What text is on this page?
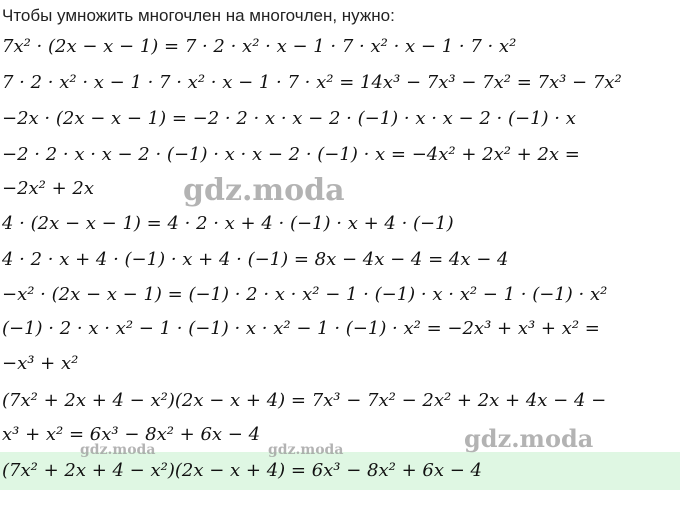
Чтобы умножить многочлен на многочлен, нужно:
7x² · (2x − x − 1) = 7 · 2 · x² · x − 1 · 7 · x² · x − 1 · 7 · x²
7 · 2 · x² · x − 1 · 7 · x² · x − 1 · 7 · x² = 14x³ − 7x³ − 7x² = 7x³ − 7x²
−2x · (2x − x − 1) = −2 · 2 · x · x − 2 · (−1) · x · x − 2 · (−1) · x
−2 · 2 · x · x − 2 · (−1) · x · x − 2 · (−1) · x = −4x² + 2x² + 2x =
−2x² + 2x
4 · (2x − x − 1) = 4 · 2 · x + 4 · (−1) · x + 4 · (−1)
4 · 2 · x + 4 · (−1) · x + 4 · (−1) = 8x − 4x − 4 = 4x − 4
−x² · (2x − x − 1) = (−1) · 2 · x · x² − 1 · (−1) · x · x² − 1 · (−1) · x²
(−1) · 2 · x · x² − 1 · (−1) · x · x² − 1 · (−1) · x² = −2x³ + x³ + x² =
−x³ + x²
(7x² + 2x + 4 − x²)(2x − x + 4) = 7x³ − 7x² − 2x² + 2x + 4x − 4 −
x³ + x² = 6x³ − 8x² + 6x − 4
(7x² + 2x + 4 − x²)(2x − x + 4) = 6x³ − 8x² + 6x − 4
gdz.moda
gdz.moda
gdz.moda	gdz.moda
